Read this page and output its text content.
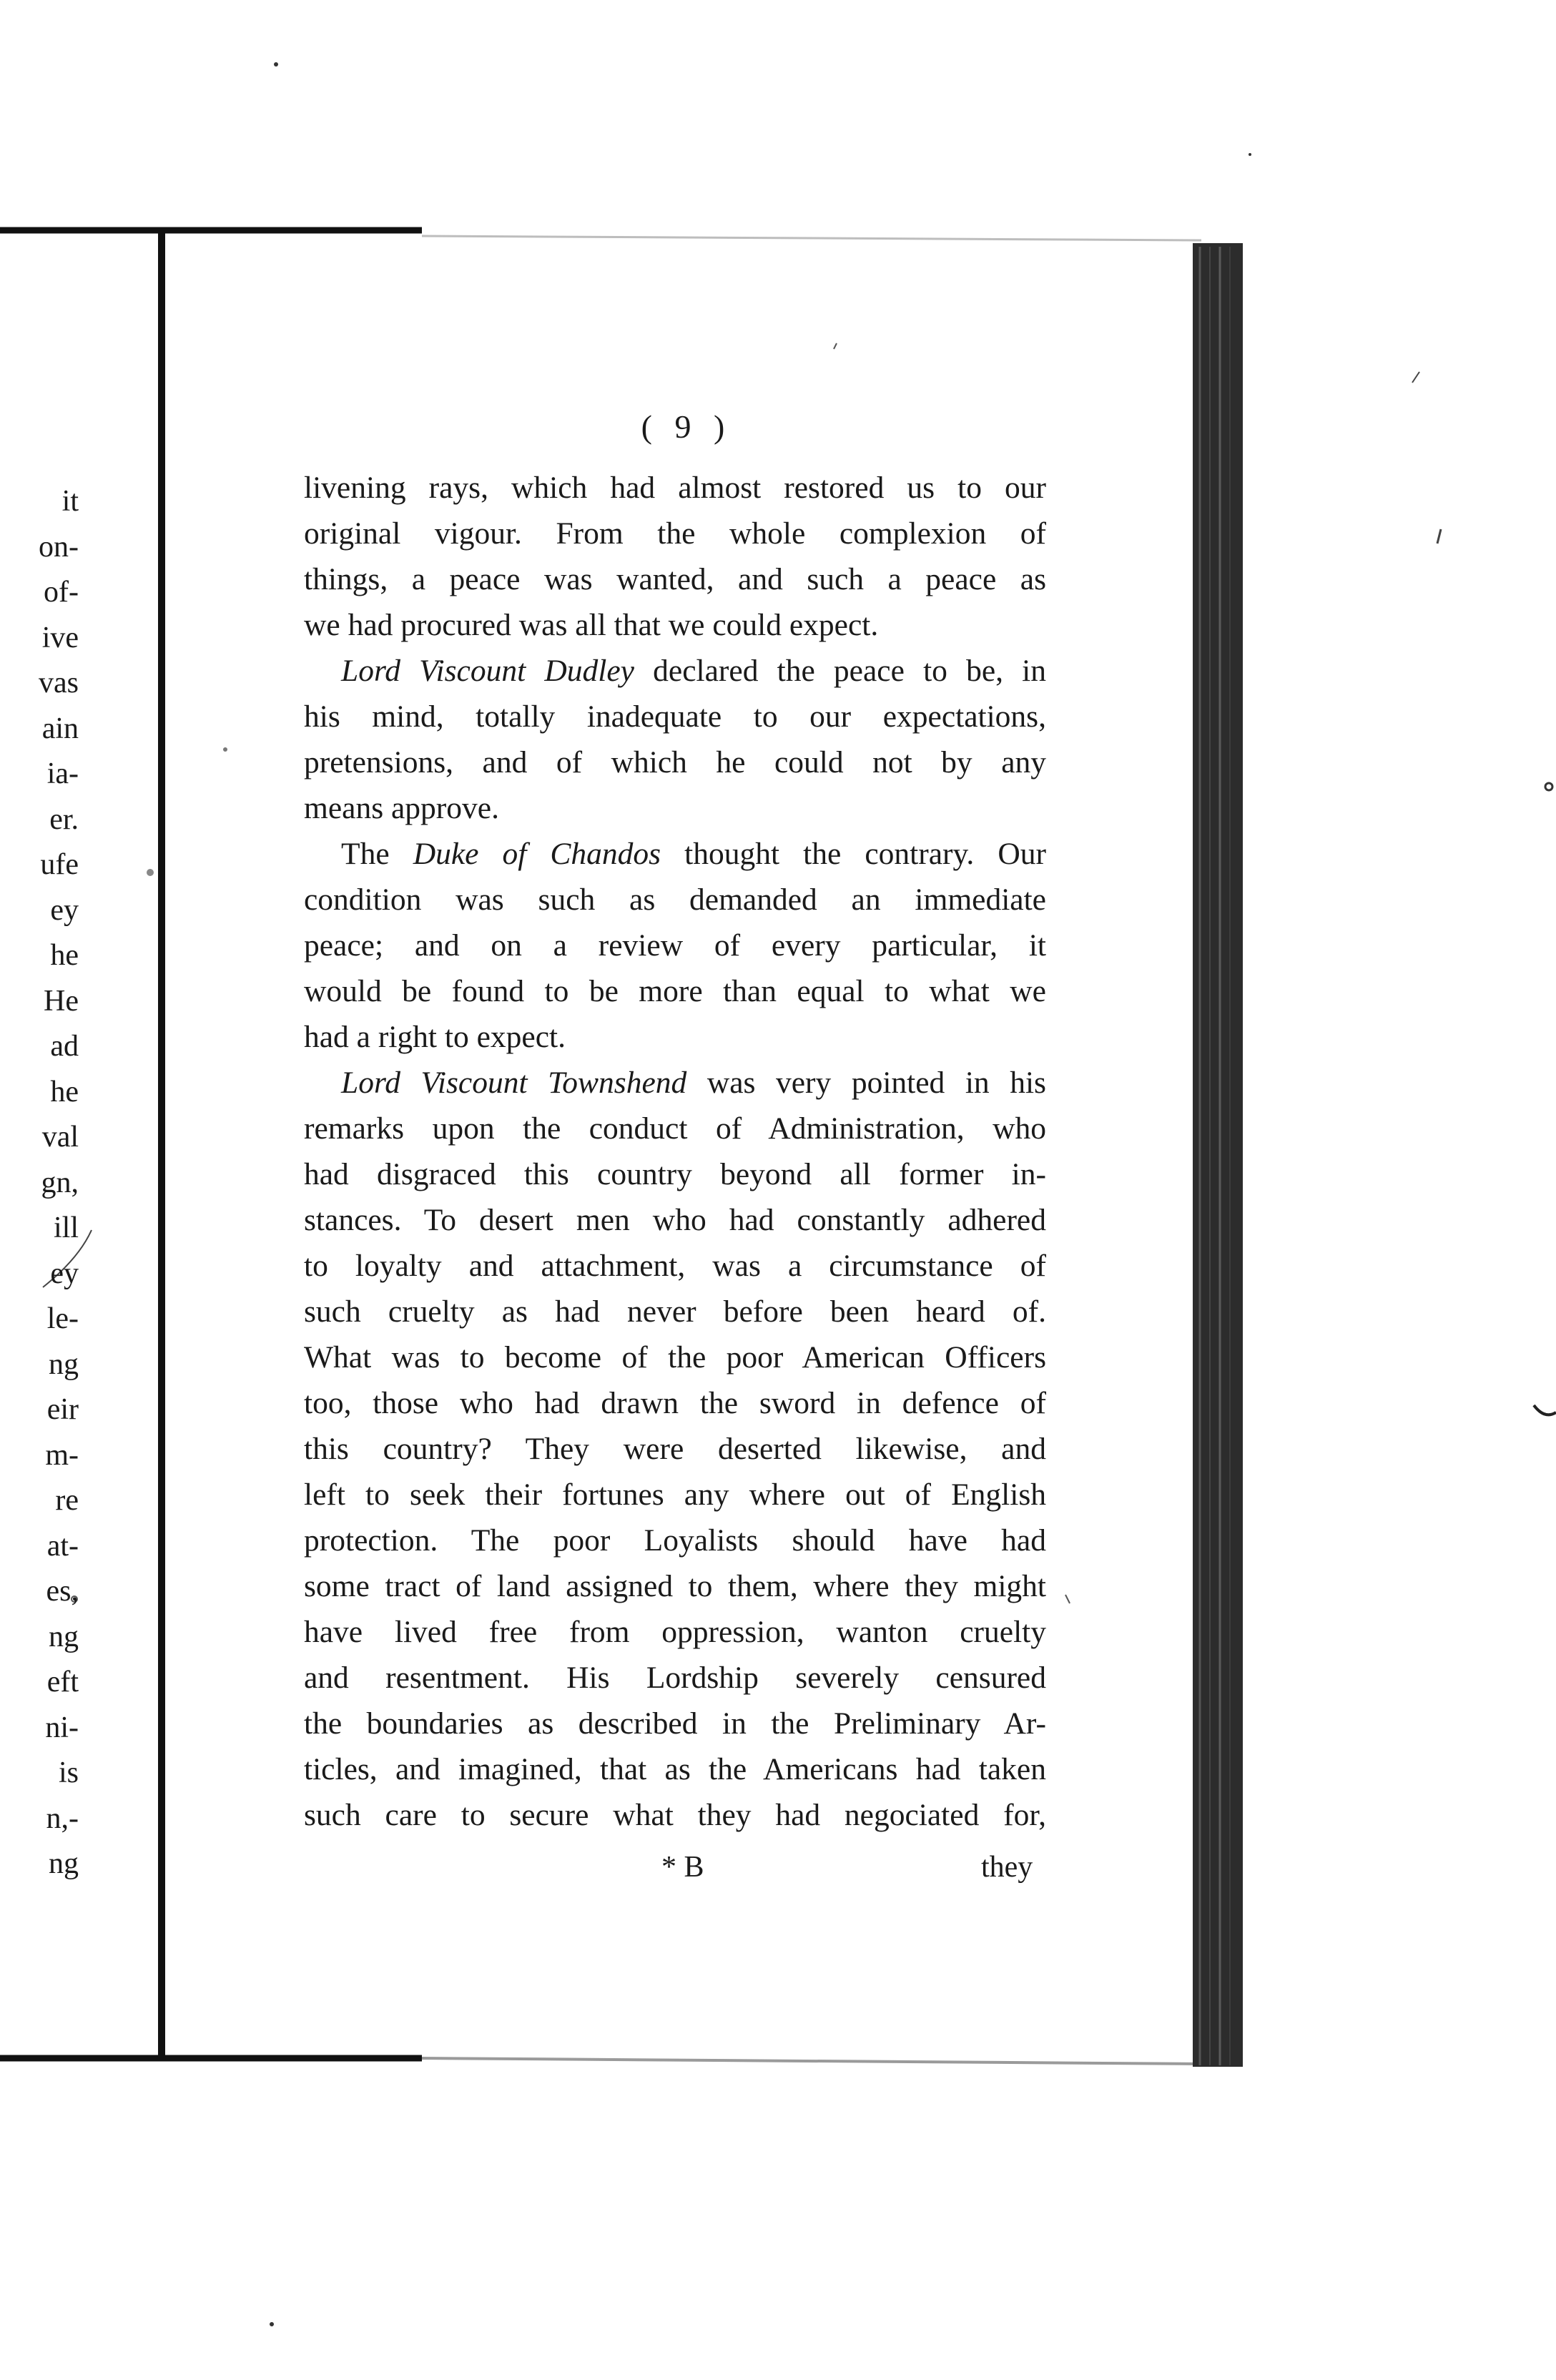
it
on-
of-
ive
vas
ain
ia-
er.
ufe
ey
he
He
ad
he
val
gn,
ill
ey
le-
ng
eir
m-
re
at-
es,
ng
eft
ni-
is
n,-
ng
( 9 )
livening rays, which had almost restored us to our
original vigour. From the whole complexion of
things, a peace was wanted, and such a peace as
we had procured was all that we could expect.
Lord Viscount Dudley declared the peace to be, in
his mind, totally inadequate to our expectations,
pretensions, and of which he could not by any
means approve.
The Duke of Chandos thought the contrary. Our
condition was such as demanded an immediate
peace; and on a review of every particular, it
would be found to be more than equal to what we
had a right to expect.
Lord Viscount Townshend was very pointed in his
remarks upon the conduct of Administration, who
had disgraced this country beyond all former in-
stances. To desert men who had constantly adhered
to loyalty and attachment, was a circumstance of
such cruelty as had never before been heard of.
What was to become of the poor American Officers
too, those who had drawn the sword in defence of
this country? They were deserted likewise, and
left to seek their fortunes any where out of English
protection. The poor Loyalists should have had
some tract of land assigned to them, where they might
have lived free from oppression, wanton cruelty
and resentment. His Lordship severely censured
the boundaries as described in the Preliminary Ar-
ticles, and imagined, that as the Americans had taken
such care to secure what they had negociated for,
* B	they
